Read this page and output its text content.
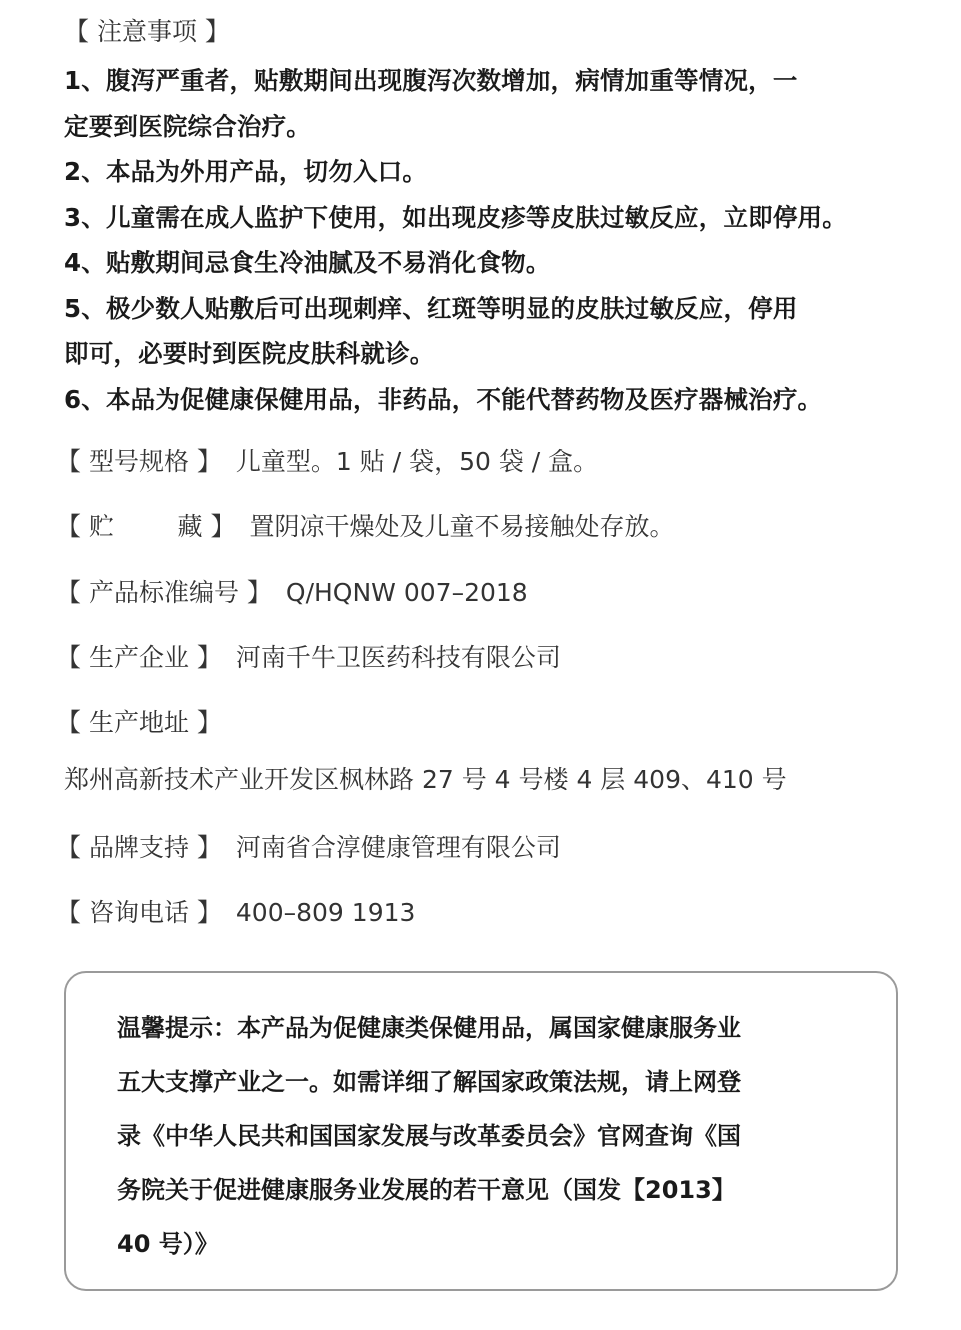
【 注意事项 】
1、腹泻严重者，贴敷期间出现腹泻次数增加，病情加重等情况，一
定要到医院综合治疗。
2、本品为外用产品，切勿入口。
3、儿童需在成人监护下使用，如出现皮疹等皮肤过敏反应，立即停用。
4、贴敷期间忌食生冷油腻及不易消化食物。
5、极少数人贴敷后可出现刺痒、红斑等明显的皮肤过敏反应，停用
即可，必要时到医院皮肤科就诊。
6、本品为促健康保健用品，非药品，不能代替药物及医疗器械治疗。
【 型号规格 】 儿童型。1 贴 / 袋，50 袋 / 盒。
【 贮        藏 】 置阴凉干燥处及儿童不易接触处存放。
【 产品标准编号 】 Q/HQNW 007–2018
【 生产企业 】 河南千牛卫医药科技有限公司
【 生产地址 】
郑州高新技术产业开发区枫林路 27 号 4 号楼 4 层 409、410 号
【 品牌支持 】 河南省合淳健康管理有限公司
【 咨询电话 】 400–809 1913
温馨提示：本产品为促健康类保健用品，属国家健康服务业
五大支撑产业之一。如需详细了解国家政策法规，请上网登
录《中华人民共和国国家发展与改革委员会》官网查询《国
务院关于促进健康服务业发展的若干意见（国发【2013】
40 号）》
